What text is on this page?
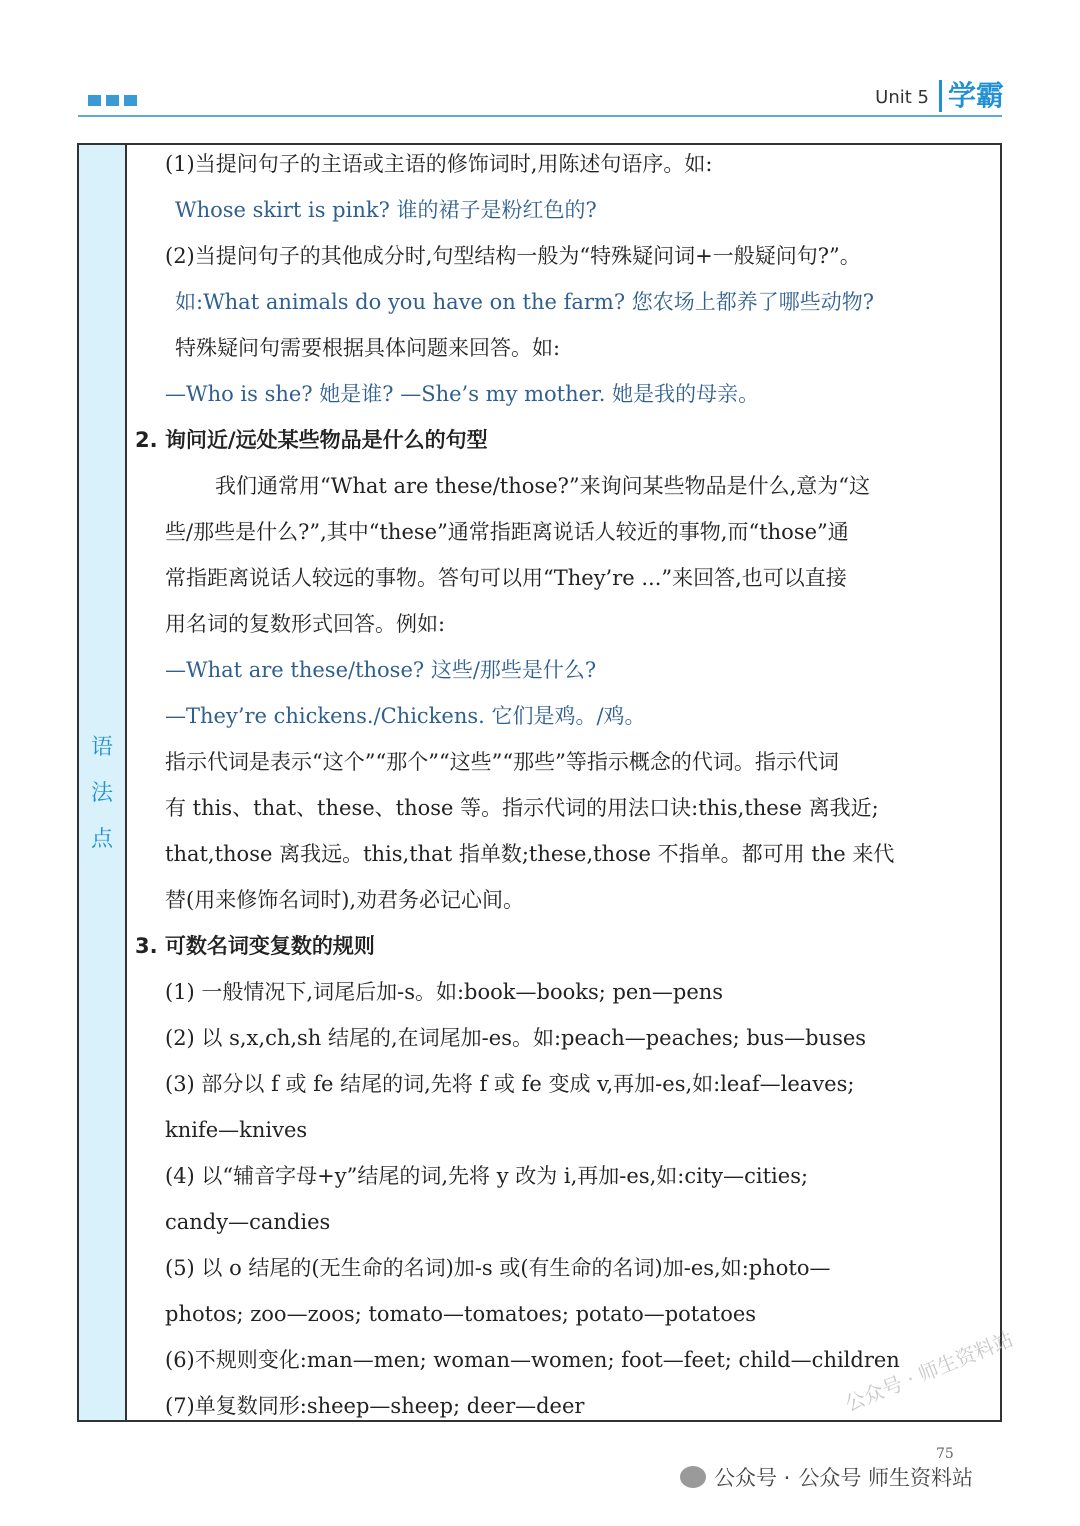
Unit 5 学霸
语
法
点
(1)当提问句子的主语或主语的修饰词时,用陈述句语序。如:
Whose skirt is pink? 谁的裙子是粉红色的?
(2)当提问句子的其他成分时,句型结构一般为“特殊疑问词+一般疑问句?”。
如:What animals do you have on the farm? 您农场上都养了哪些动物?
特殊疑问句需要根据具体问题来回答。如:
—Who is she? 她是谁? —She’s my mother. 她是我的母亲。
2. 询问近/远处某些物品是什么的句型
我们通常用“What are these/those?”来询问某些物品是什么,意为“这
些/那些是什么?”,其中“these”通常指距离说话人较近的事物,而“those”通
常指距离说话人较远的事物。答句可以用“They’re ...”来回答,也可以直接
用名词的复数形式回答。例如:
—What are these/those? 这些/那些是什么?
—They’re chickens./Chickens. 它们是鸡。/鸡。
指示代词是表示“这个”“那个”“这些”“那些”等指示概念的代词。指示代词
有 this、that、these、those 等。指示代词的用法口诀:this,these 离我近;
that,those 离我远。this,that 指单数;these,those 不指单。都可用 the 来代
替(用来修饰名词时),劝君务必记心间。
3. 可数名词变复数的规则
(1) 一般情况下,词尾后加-s。如:book—books; pen—pens
(2) 以 s,x,ch,sh 结尾的,在词尾加-es。如:peach—peaches; bus—buses
(3) 部分以 f 或 fe 结尾的词,先将 f 或 fe 变成 v,再加-es,如:leaf—leaves;
knife—knives
(4) 以“辅音字母+y”结尾的词,先将 y 改为 i,再加-es,如:city—cities;
candy—candies
(5) 以 o 结尾的(无生命的名词)加-s 或(有生命的名词)加-es,如:photo—
photos; zoo—zoos; tomato—tomatoes; potato—potatoes
(6)不规则变化:man—men; woman—women; foot—feet; child—children
(7)单复数同形:sheep—sheep; deer—deer	公众号 · 师生资料站
75
公众号 · 公众号 师生资料站
